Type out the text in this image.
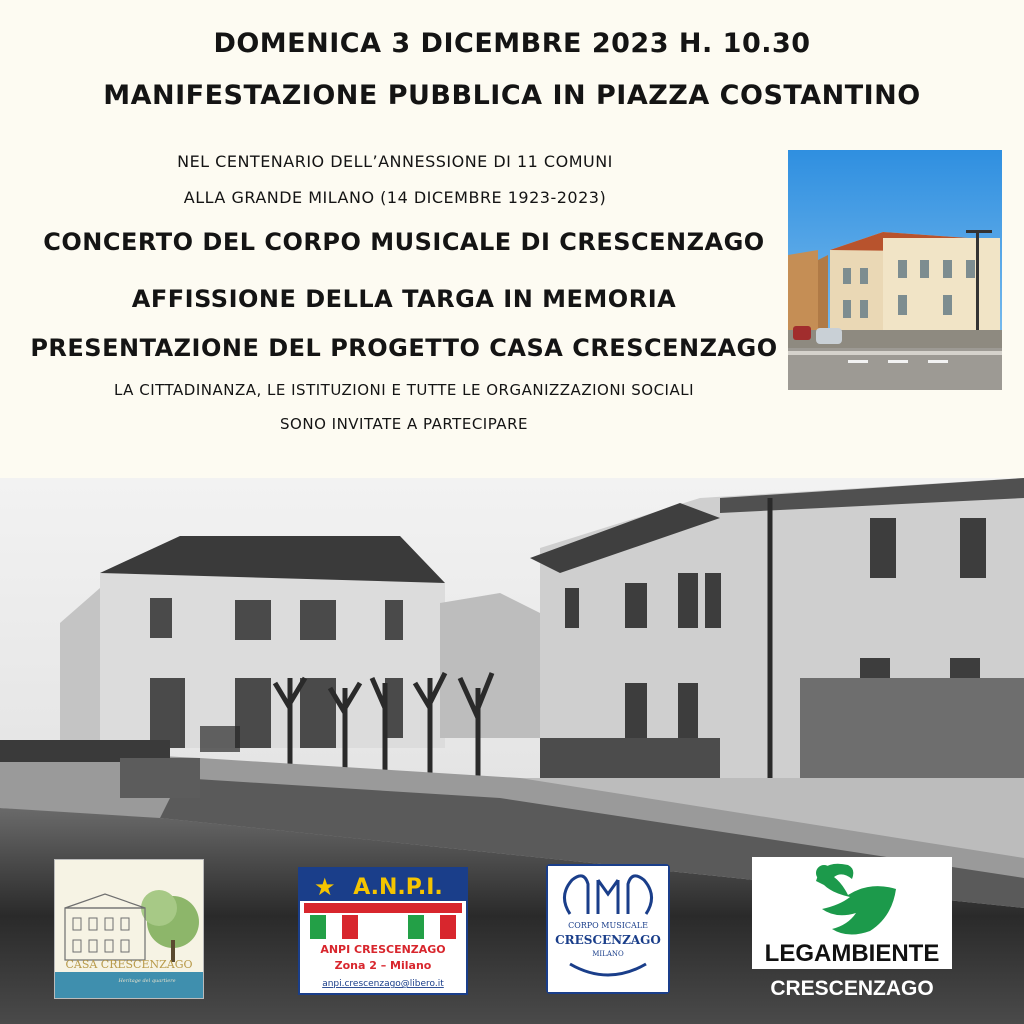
DOMENICA 3 DICEMBRE 2023 H. 10.30
MANIFESTAZIONE PUBBLICA IN PIAZZA COSTANTINO
NEL CENTENARIO DELL’ANNESSIONE DI 11 COMUNI
ALLA GRANDE MILANO (14 DICEMBRE 1923-2023)
CONCERTO DEL CORPO MUSICALE DI CRESCENZAGO
AFFISSIONE DELLA TARGA IN MEMORIA
PRESENTAZIONE DEL PROGETTO CASA CRESCENZAGO
LA CITTADINANZA, LE ISTITUZIONI E TUTTE LE ORGANIZZAZIONI SOCIALI
SONO INVITATE A PARTECIPARE
CASA CRESCENZAGO
Heritage del quartiere
★ A.N.P.I.
ANPI CRESCENZAGO
Zona 2 – Milano
anpi.crescenzago@libero.it
CORPO MUSICALE
CRESCENZAGO
MILANO	LEGAMBIENTE
CRESCENZAGO
